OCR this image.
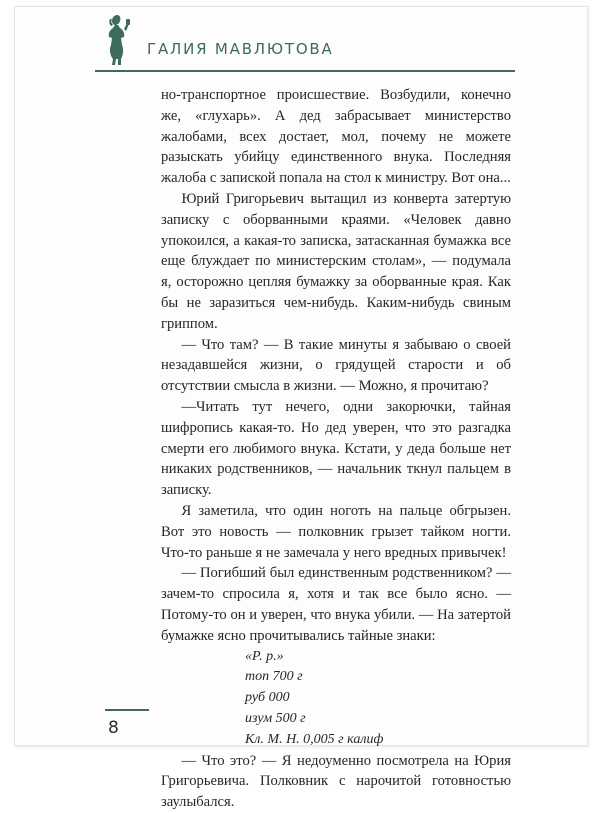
ГАЛИЯ МАВЛЮТОВА

но-транспортное происшествие. Возбудили, конечно же, «глухарь». А дед забрасывает министерство жалобами, всех достает, мол, почему не можете разыскать убийцу единственного внука. Последняя жалоба с запиской попала на стол к министру. Вот она...

Юрий Григорьевич вытащил из конверта затертую записку с оборванными краями. «Человек давно упокоился, а какая-то записка, затасканная бумажка все еще блуждает по министерским столам», — подумала я, осторожно цепляя бумажку за оборванные края. Как бы не заразиться чем-нибудь. Каким-нибудь свиным гриппом.

— Что там? — В такие минуты я забываю о своей незадавшейся жизни, о грядущей старости и об отсутствии смысла в жизни. — Можно, я прочитаю?

—Читать тут нечего, одни закорючки, тайная шифропись какая-то. Но дед уверен, что это разгадка смерти его любимого внука. Кстати, у деда больше нет никаких родственников, — начальник ткнул пальцем в записку.

Я заметила, что один ноготь на пальце обгрызен. Вот это новость — полковник грызет тайком ногти. Что-то раньше я не замечала у него вредных привычек!

— Погибший был единственным родственником? — зачем-то спросила я, хотя и так все было ясно. — Потому-то он и уверен, что внука убили. — На затертой бумажке ясно прочитывались тайные знаки:

«Р. р.»
топ 700 г
руб 000
изум 500 г
Кл. М. Н. 0,005 г калиф

— Что это? — Я недоуменно посмотрела на Юрия Григорьевича. Полковник с нарочитой готовностью заулыбался.

8
